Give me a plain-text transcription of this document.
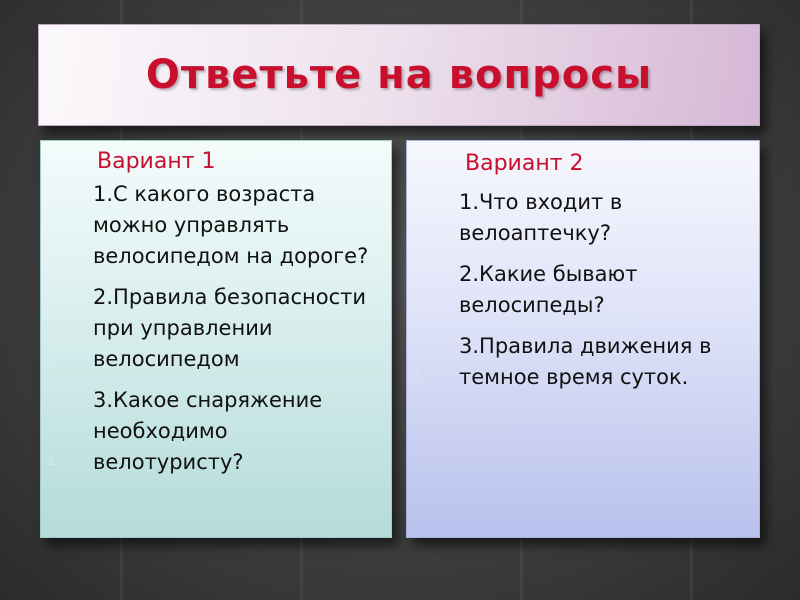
Ответьте на вопросы
Вариант 1
1.С какого возраста можно управлять велосипедом на дороге?
2.
2.Правила безопасности при управлении велосипедом
3.
3.Какое снаряжение необходимо велотуристу?
Вариант 2
1.Что входит в велоаптечку?
2.
2.Какие бывают велосипеды?
3.
3.Правила движения в темное время суток.
